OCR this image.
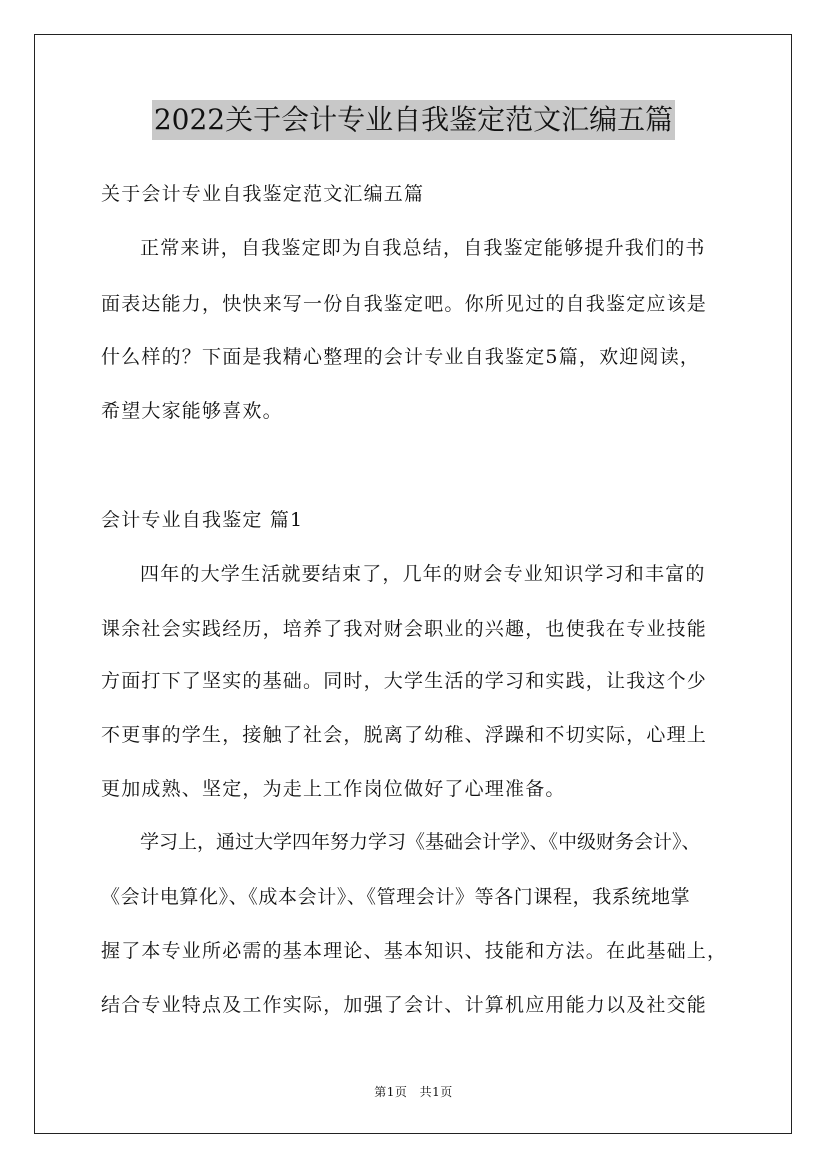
2022关于会计专业自我鉴定范文汇编五篇
关于会计专业自我鉴定范文汇编五篇
正常来讲，自我鉴定即为自我总结，自我鉴定能够提升我们的书
面表达能力，快快来写一份自我鉴定吧。你所见过的自我鉴定应该是
什么样的？下面是我精心整理的会计专业自我鉴定5篇，欢迎阅读，
希望大家能够喜欢。
会计专业自我鉴定 篇1
四年的大学生活就要结束了，几年的财会专业知识学习和丰富的
课余社会实践经历，培养了我对财会职业的兴趣，也使我在专业技能
方面打下了坚实的基础。同时，大学生活的学习和实践，让我这个少
不更事的学生，接触了社会，脱离了幼稚、浮躁和不切实际，心理上
更加成熟、坚定，为走上工作岗位做好了心理准备。
学习上，通过大学四年努力学习《基础会计学》、《中级财务会计》、
《会计电算化》、《成本会计》、《管理会计》等各门课程，我系统地掌
握了本专业所必需的基本理论、基本知识、技能和方法。在此基础上，
结合专业特点及工作实际，加强了会计、计算机应用能力以及社交能
第1页 共1页
